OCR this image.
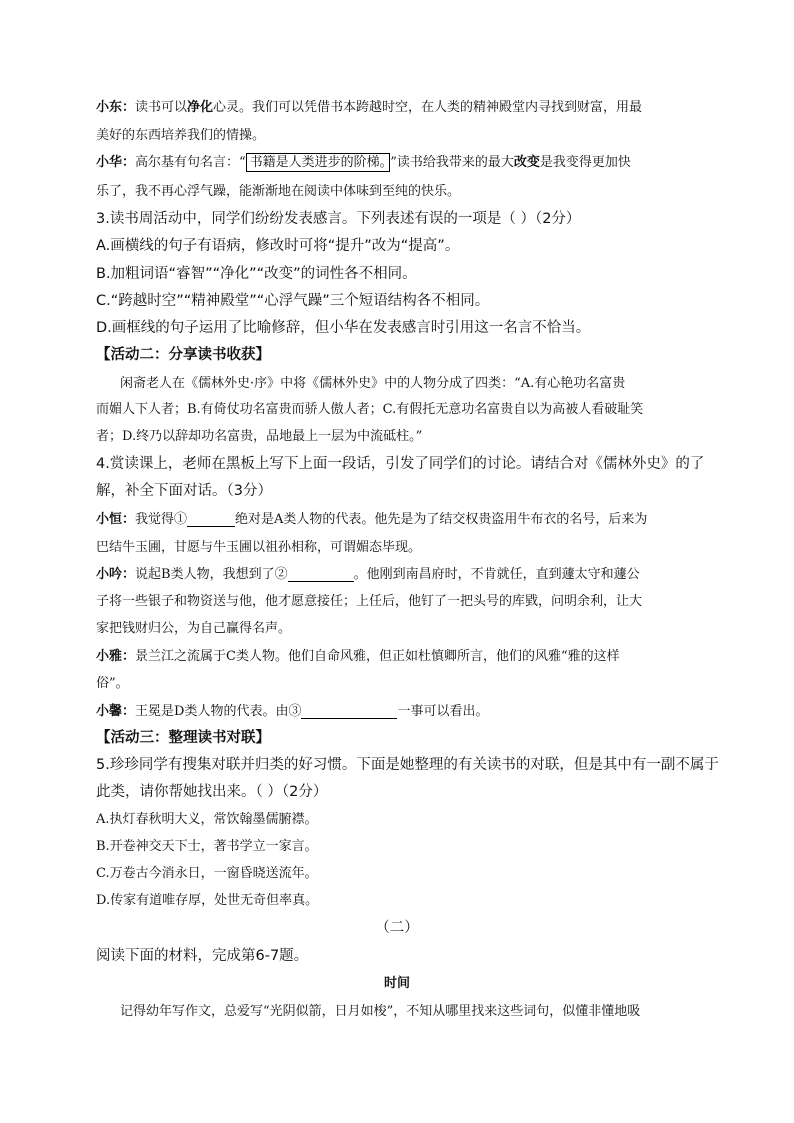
小东：读书可以净化心灵。我们可以凭借书本跨越时空，在人类的精神殿堂内寻找到财富，用最
美好的东西培养我们的情操。
小华：高尔基有句名言：“ 书籍是人类进步的阶梯。 ”读书给我带来的最大改变是我变得更加快
乐了，我不再心浮气躁，能渐渐地在阅读中体味到至纯的快乐。
3.读书周活动中，同学们纷纷发表感言。下列表述有误的一项是（ ）（2分）
A.画横线的句子有语病，修改时可将“提升”改为“提高”。
B.加粗词语“睿智”“净化”“改变”的词性各不相同。
C.“跨越时空”“精神殿堂”“心浮气躁”三个短语结构各不相同。
D.画框线的句子运用了比喻修辞，但小华在发表感言时引用这一名言不恰当。
【活动二：分享读书收获】
闲斋老人在《儒林外史·序》中将《儒林外史》中的人物分成了四类：“A.有心艳功名富贵
而媚人下人者；B.有倚仗功名富贵而骄人傲人者；C.有假托无意功名富贵自以为高被人看破耻笑
者；D.终乃以辞却功名富贵，品地最上一层为中流砥柱。”
4.赏读课上，老师在黑板上写下上面一段话，引发了同学们的讨论。请结合对《儒林外史》的了
解，补全下面对话。（3分）
小恒：我觉得①	绝对是A类人物的代表。他先是为了结交权贵盗用牛布衣的名号，后来为
巴结牛玉圃，甘愿与牛玉圃以祖孙相称，可谓媚态毕现。
小吟：说起B类人物，我想到了②	。他刚到南昌府时，不肯就任，直到蘧太守和蘧公
子将一些银子和物资送与他，他才愿意接任；上任后，他钉了一把头号的库戥，问明余利，让大
家把钱财归公，为自己赢得名声。
小雅：景兰江之流属于C类人物。他们自命风雅，但正如杜慎卿所言，他们的风雅“雅的这样
俗”。
小馨：王冕是D类人物的代表。由③	一事可以看出。
【活动三：整理读书对联】
5.珍珍同学有搜集对联并归类的好习惯。下面是她整理的有关读书的对联，但是其中有一副不属于
此类，请你帮她找出来。（ ）（2分）
A.执灯春秋明大义，常饮翰墨儒腑襟。
B.开卷神交天下士，著书学立一家言。
C.万卷古今消永日，一窗昏晓送流年。
D.传家有道唯存厚，处世无奇但率真。
（二）
阅读下面的材料，完成第6-7题。
时间
记得幼年写作文，总爱写“光阴似箭，日月如梭”，不知从哪里找来这些词句，似懂非懂地吸
